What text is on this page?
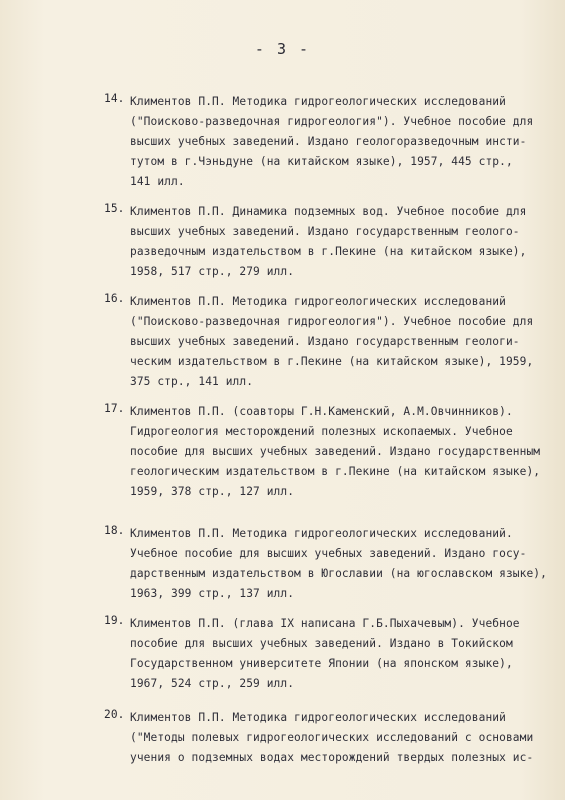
- 3 -
14. Климентов П.П. Методика гидрогеологических исследований
("Поисково-разведочная гидрогеология"). Учебное пособие для
высших учебных заведений. Издано геологоразведочным инсти-
тутом в г.Чэньдуне (на китайском языке), 1957, 445 стр.,
141 илл.
15. Климентов П.П. Динамика подземных вод. Учебное пособие для
высших учебных заведений. Издано государственным геолого-
разведочным издательством в г.Пекине (на китайском языке),
1958, 517 стр., 279 илл.
16. Климентов П.П. Методика гидрогеологических исследований
("Поисково-разведочная гидрогеология"). Учебное пособие для
высших учебных заведений. Издано государственным геологи-
ческим издательством в г.Пекине (на китайском языке), 1959,
375 стр., 141 илл.
17. Климентов П.П. (соавторы Г.Н.Каменский, А.М.Овчинников).
Гидрогеология месторождений полезных ископаемых. Учебное
пособие для высших учебных заведений. Издано государственным
геологическим издательством в г.Пекине (на китайском языке),
1959, 378 стр., 127 илл.
18. Климентов П.П. Методика гидрогеологических исследований.
Учебное пособие для высших учебных заведений. Издано госу-
дарственным издательством в Югославии (на югославском языке),
1963, 399 стр., 137 илл.
19. Климентов П.П. (глава IX написана Г.Б.Пыхачевым). Учебное
пособие для высших учебных заведений. Издано в Токийском
Государственном университете Японии (на японском языке),
1967, 524 стр., 259 илл.
20. Климентов П.П. Методика гидрогеологических исследований
("Методы полевых гидрогеологических исследований с основами
учения о подземных водах месторождений твердых полезных ис-
